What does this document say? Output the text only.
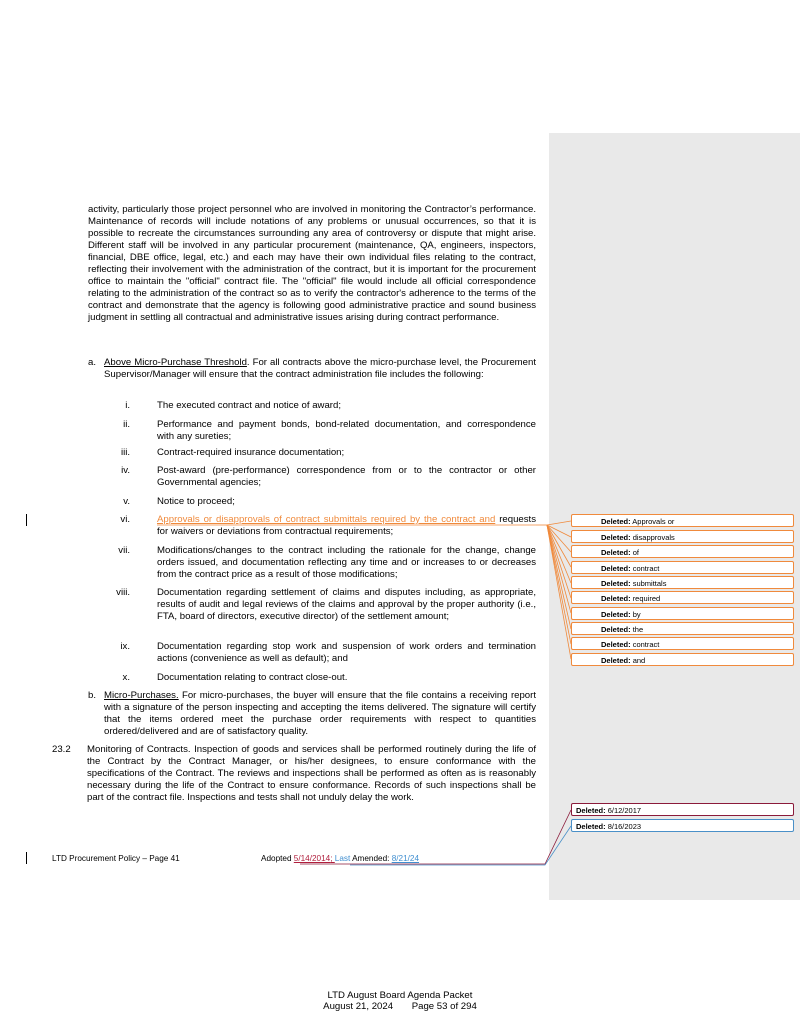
activity, particularly those project personnel who are involved in monitoring the Contractor’s performance. Maintenance of records will include notations of any problems or unusual occurrences, so that it is possible to recreate the circumstances surrounding any area of controversy or dispute that might arise. Different staff will be involved in any particular procurement (maintenance, QA, engineers, inspectors, financial, DBE office, legal, etc.) and each may have their own individual files relating to the contract, reflecting their involvement with the administration of the contract, but it is important for the procurement office to maintain the "official" contract file. The "official" file would include all official correspondence relating to the administration of the contract so as to verify the contractor's adherence to the terms of the contract and demonstrate that the agency is following good administrative practice and sound business judgment in settling all contractual and administrative issues arising during contract performance.

a. Above Micro-Purchase Threshold. For all contracts above the micro-purchase level, the Procurement Supervisor/Manager will ensure that the contract administration file includes the following:
i.	The executed contract and notice of award;
ii.	Performance and payment bonds, bond-related documentation, and correspondence with any sureties;
iii.	Contract-required insurance documentation;
iv.	Post-award (pre-performance) correspondence from or to the contractor or other Governmental agencies;
v.	Notice to proceed;
vi.	Approvals or disapprovals of contract submittals required by the contract and requests for waivers or deviations from contractual requirements;
vii.	Modifications/changes to the contract including the rationale for the change, change orders issued, and documentation reflecting any time and or increases to or decreases from the contract price as a result of those modifications;
viii.	Documentation regarding settlement of claims and disputes including, as appropriate, results of audit and legal reviews of the claims and approval by the proper authority (i.e., FTA, board of directors, executive director) of the settlement amount;
ix.	Documentation regarding stop work and suspension of work orders and termination actions (convenience as well as default); and
x.	Documentation relating to contract close-out.
b. Micro-Purchases. For micro-purchases, the buyer will ensure that the file contains a receiving report with a signature of the person inspecting and accepting the items delivered. The signature will certify that the items ordered meet the purchase order requirements with respect to quantities ordered/delivered and are of satisfactory quality.
23.2 Monitoring of Contracts. Inspection of goods and services shall be performed routinely during the life of the Contract by the Contract Manager, or his/her designees, to ensure conformance with the specifications of the Contract. The reviews and inspections shall be performed as often as is reasonably necessary during the life of the Contract to ensure conformance. Records of such inspections shall be part of the contract file. Inspections and tests shall not unduly delay the work.
Deleted: Approvals or
Deleted: disapprovals
Deleted: of
Deleted: contract
Deleted: submittals
Deleted: required
Deleted: by
Deleted: the
Deleted: contract
Deleted: and
Deleted: 6/12/2017
Deleted: 8/16/2023
LTD Procurement Policy – Page 41	Adopted 5/14/2014; Last Amended: 8/21/24
LTD August Board Agenda Packet
August 21, 2024 Page 53 of 294
